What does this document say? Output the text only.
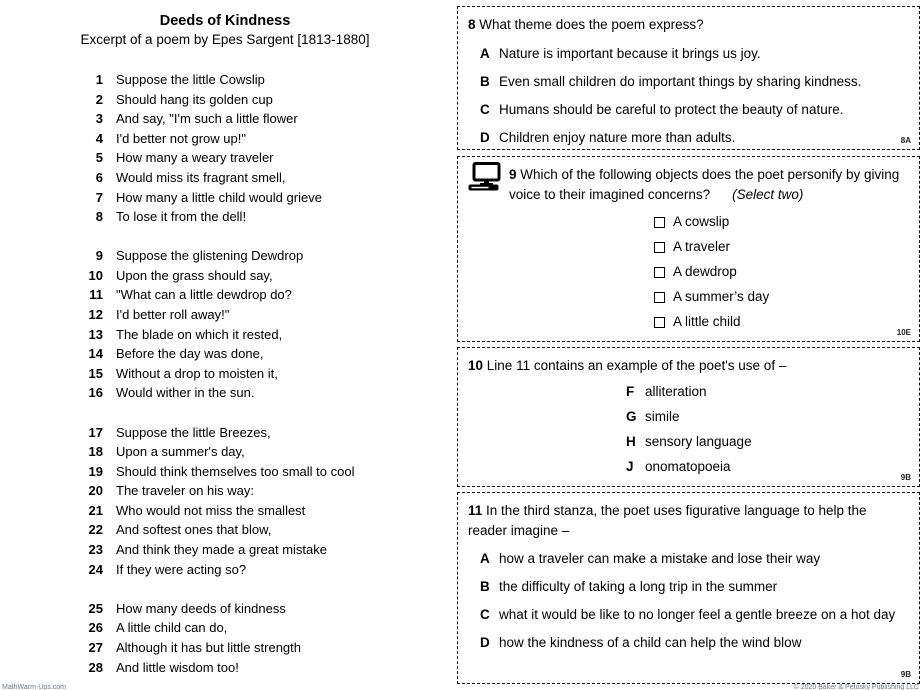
Deeds of Kindness
Excerpt of a poem by Epes Sargent [1813-1880]
1 Suppose the little Cowslip
2 Should hang its golden cup
3 And say, "I'm such a little flower
4 I'd better not grow up!"
5 How many a weary traveler
6 Would miss its fragrant smell,
7 How many a little child would grieve
8 To lose it from the dell!
9 Suppose the glistening Dewdrop
10 Upon the grass should say,
11 "What can a little dewdrop do?
12 I'd better roll away!"
13 The blade on which it rested,
14 Before the day was done,
15 Without a drop to moisten it,
16 Would wither in the sun.
17 Suppose the little Breezes,
18 Upon a summer's day,
19 Should think themselves too small to cool
20 The traveler on his way:
21 Who would not miss the smallest
22 And softest ones that blow,
23 And think they made a great mistake
24 If they were acting so?
25 How many deeds of kindness
26 A little child can do,
27 Although it has but little strength
28 And little wisdom too!

8 What theme does the poem express?

A Nature is important because it brings us joy.
B Even small children do important things by sharing kindness.
C Humans should be careful to protect the beauty of nature.
D Children enjoy nature more than adults.	8A

9 Which of the following objects does the poet personify by giving voice to their imagined concerns? (Select two)

A cowslip
A traveler
A dewdrop
A summer’s day
A little child
10E

10 Line 11 contains an example of the poet's use of –

F alliteration
G simile
H sensory language
J onomatopoeia
9B

11 In the third stanza, the poet uses figurative language to help the reader imagine –

A how a traveler can make a mistake and lose their way
B the difficulty of taking a long trip in the summer
C what it would be like to no longer feel a gentle breeze on a hot day
D how the kindness of a child can help the wind blow
9B
MathWarm-Ups.com	© 2020 Baker & Petosky Publishing LLC
